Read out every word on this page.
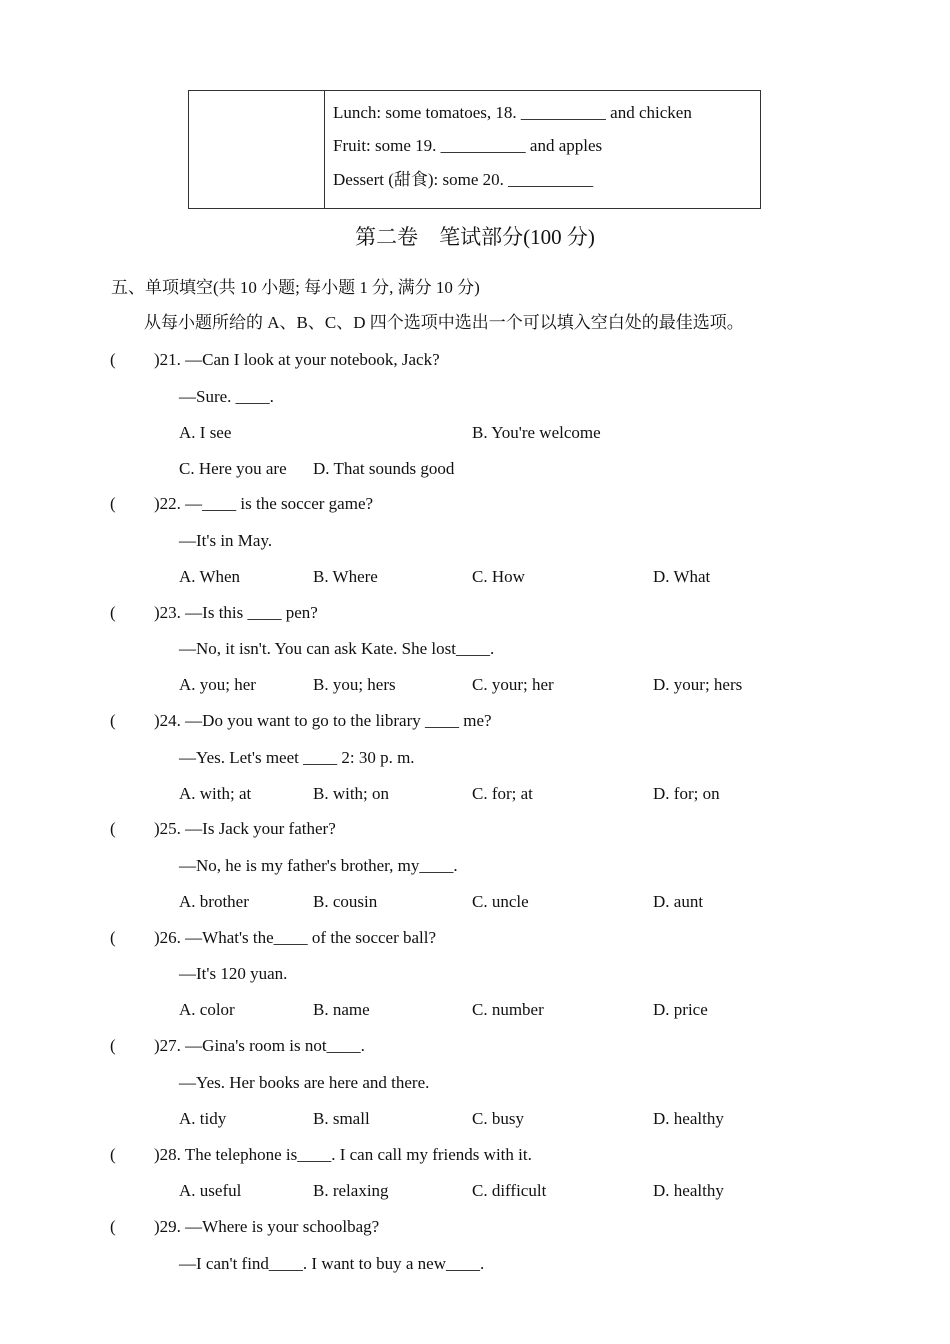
Lunch: some tomatoes, 18. __________ and chicken
Fruit: some 19. __________ and apples
Dessert (甜食): some 20. __________
第二卷　笔试部分(100 分)
五、单项填空(共 10 小题; 每小题 1 分, 满分 10 分)
从每小题所给的 A、B、C、D 四个选项中选出一个可以填入空白处的最佳选项。
( )21. —Can I look at your notebook, Jack?
—Sure. ____.
A. I see	B. You're welcome
C. Here you are D. That sounds good
( )22. —____ is the soccer game?
—It's in May.
A. When	B. Where	C. How	D. What
( )23. —Is this ____ pen?
—No, it isn't. You can ask Kate. She lost____.
A. you; her	B. you; hers	C. your; her	D. your; hers
( )24. —Do you want to go to the library ____ me?
—Yes. Let's meet ____ 2: 30 p. m.
A. with; at	B. with; on	C. for; at	D. for; on
( )25. —Is Jack your father?
—No, he is my father's brother, my____.
A. brother	B. cousin	C. uncle	D. aunt
( )26. —What's the____ of the soccer ball?
—It's 120 yuan.
A. color	B. name	C. number	D. price
( )27. —Gina's room is not____.
—Yes. Her books are here and there.
A. tidy	B. small	C. busy	D. healthy
( )28. The telephone is____. I can call my friends with it.
A. useful	B. relaxing	C. difficult	D. healthy
( )29. —Where is your schoolbag?
—I can't find____. I want to buy a new____.
